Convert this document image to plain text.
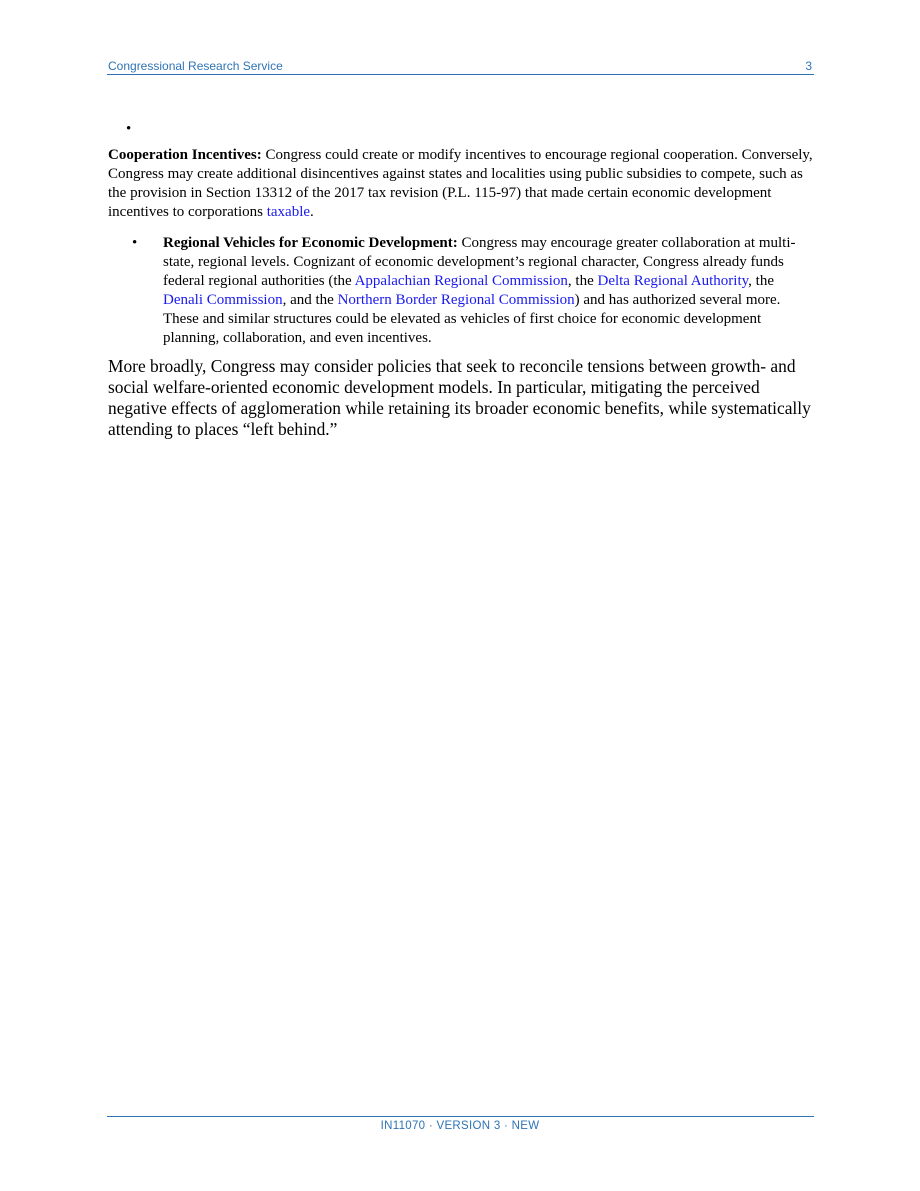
Congressional Research Service	3
•

Cooperation Incentives: Congress could create or modify incentives to encourage regional cooperation. Conversely, Congress may create additional disincentives against states and localities using public subsidies to compete, such as the provision in Section 13312 of the 2017 tax revision (P.L. 115-97) that made certain economic development incentives to corporations taxable.

• Regional Vehicles for Economic Development: Congress may encourage greater collaboration at multi-state, regional levels. Cognizant of economic development’s regional character, Congress already funds federal regional authorities (the Appalachian Regional Commission, the Delta Regional Authority, the Denali Commission, and the Northern Border Regional Commission) and has authorized several more. These and similar structures could be elevated as vehicles of first choice for economic development planning, collaboration, and even incentives.

More broadly, Congress may consider policies that seek to reconcile tensions between growth- and social welfare-oriented economic development models. In particular, mitigating the perceived negative effects of agglomeration while retaining its broader economic benefits, while systematically attending to places “left behind.”

IN11070 · VERSION 3 · NEW
